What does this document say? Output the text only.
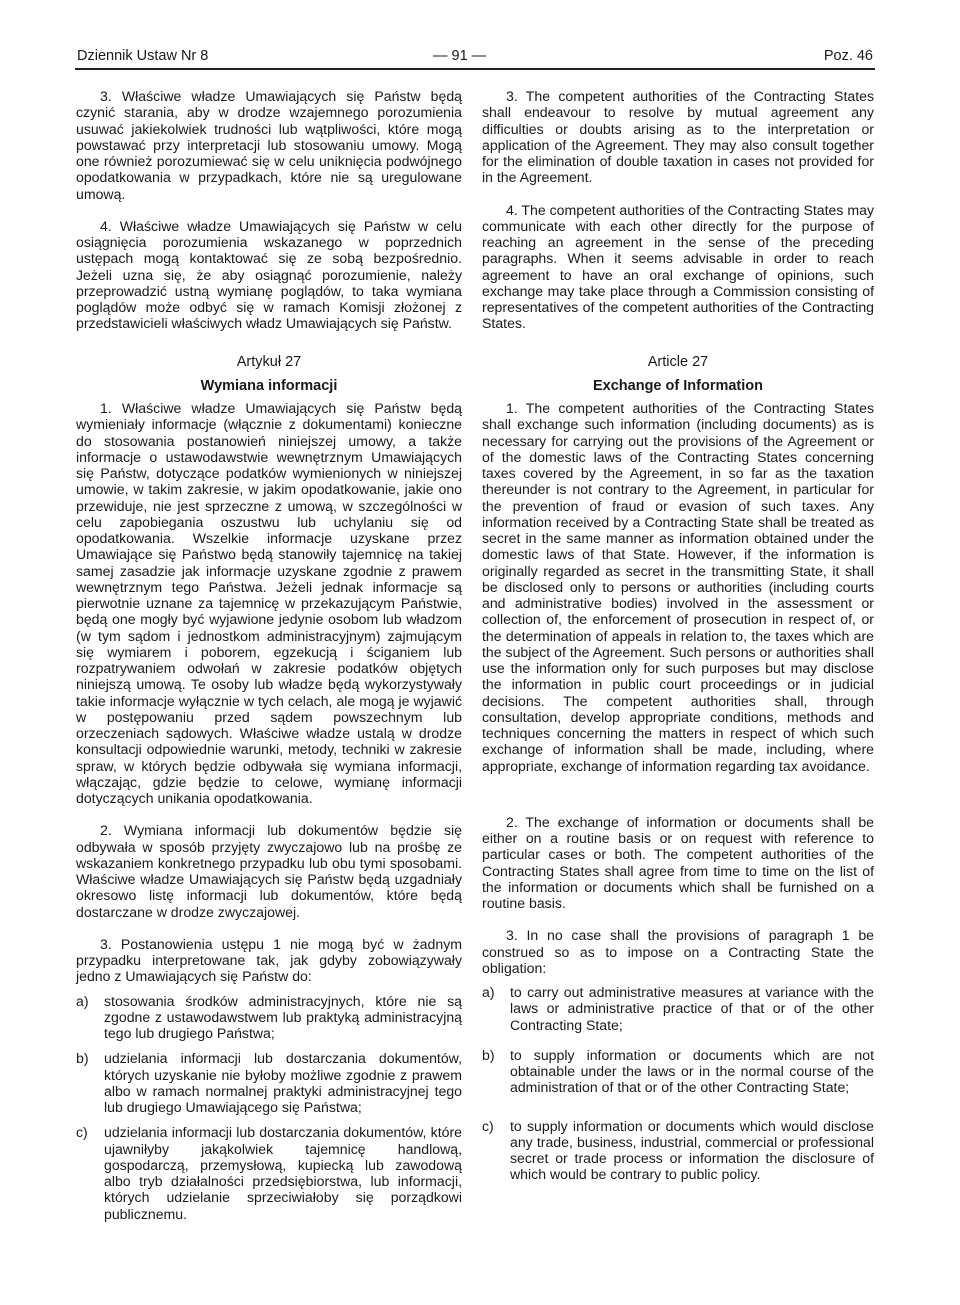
Dziennik Ustaw Nr 8	— 91 —	Poz. 46

3. Właściwe władze Umawiających się Państw będą czynić starania, aby w drodze wzajemnego porozumienia usuwać jakiekolwiek trudności lub wątpliwości, które mogą powstawać przy interpretacji lub stosowaniu umowy. Mogą one również porozumiewać się w celu uniknięcia podwójnego opodatkowania w przypadkach, które nie są uregulowane umową.

4. Właściwe władze Umawiających się Państw w celu osiągnięcia porozumienia wskazanego w poprzednich ustępach mogą kontaktować się ze sobą bezpośrednio. Jeżeli uzna się, że aby osiągnąć porozumienie, należy przeprowadzić ustną wymianę poglądów, to taka wymiana poglądów może odbyć się w ramach Komisji złożonej z przedstawicieli właściwych władz Umawiających się Państw.

Artykuł 27
Wymiana informacji

1. Właściwe władze Umawiających się Państw będą wymieniały informacje (włącznie z dokumentami) konieczne do stosowania postanowień niniejszej umowy, a także informacje o ustawodawstwie wewnętrznym Umawiających się Państw, dotyczące podatków wymienionych w niniejszej umowie, w takim zakresie, w jakim opodatkowanie, jakie ono przewiduje, nie jest sprzeczne z umową, w szczególności w celu zapobiegania oszustwu lub uchylaniu się od opodatkowania. Wszelkie informacje uzyskane przez Umawiające się Państwo będą stanowiły tajemnicę na takiej samej zasadzie jak informacje uzyskane zgodnie z prawem wewnętrznym tego Państwa. Jeżeli jednak informacje są pierwotnie uznane za tajemnicę w przekazującym Państwie, będą one mogły być wyjawione jedynie osobom lub władzom (w tym sądom i jednostkom administracyjnym) zajmującym się wymiarem i poborem, egzekucją i ściganiem lub rozpatrywaniem odwołań w zakresie podatków objętych niniejszą umową. Te osoby lub władze będą wykorzystywały takie informacje wyłącznie w tych celach, ale mogą je wyjawić w postępowaniu przed sądem powszechnym lub orzeczeniach sądowych. Właściwe władze ustalą w drodze konsultacji odpowiednie warunki, metody, techniki w zakresie spraw, w których będzie odbywała się wymiana informacji, włączając, gdzie będzie to celowe, wymianę informacji dotyczących unikania opodatkowania.

2. Wymiana informacji lub dokumentów będzie się odbywała w sposób przyjęty zwyczajowo lub na prośbę ze wskazaniem konkretnego przypadku lub obu tymi sposobami. Właściwe władze Umawiających się Państw będą uzgadniały okresowo listę informacji lub dokumentów, które będą dostarczane w drodze zwyczajowej.

3. Postanowienia ustępu 1 nie mogą być w żadnym przypadku interpretowane tak, jak gdyby zobowiązywały jedno z Umawiających się Państw do:

a) stosowania środków administracyjnych, które nie są zgodne z ustawodawstwem lub praktyką administracyjną tego lub drugiego Państwa;
b) udzielania informacji lub dostarczania dokumentów, których uzyskanie nie byłoby możliwe zgodnie z prawem albo w ramach normalnej praktyki administracyjnej tego lub drugiego Umawiającego się Państwa;
c) udzielania informacji lub dostarczania dokumentów, które ujawniłyby jakąkolwiek tajemnicę handlową, gospodarczą, przemysłową, kupiecką lub zawodową albo tryb działalności przedsiębiorstwa, lub informacji, których udzielanie sprzeciwiałoby się porządkowi publicznemu.

3. The competent authorities of the Contracting States shall endeavour to resolve by mutual agreement any difficulties or doubts arising as to the interpretation or application of the Agreement. They may also consult together for the elimination of double taxation in cases not provided for in the Agreement.

4. The competent authorities of the Contracting States may communicate with each other directly for the purpose of reaching an agreement in the sense of the preceding paragraphs. When it seems advisable in order to reach agreement to have an oral exchange of opinions, such exchange may take place through a Commission consisting of representatives of the competent authorities of the Contracting States.

Article 27
Exchange of Information

1. The competent authorities of the Contracting States shall exchange such information (including documents) as is necessary for carrying out the provisions of the Agreement or of the domestic laws of the Contracting States concerning taxes covered by the Agreement, in so far as the taxation thereunder is not contrary to the Agreement, in particular for the prevention of fraud or evasion of such taxes. Any information received by a Contracting State shall be treated as secret in the same manner as information obtained under the domestic laws of that State. However, if the information is originally regarded as secret in the transmitting State, it shall be disclosed only to persons or authorities (including courts and administrative bodies) involved in the assessment or collection of, the enforcement of prosecution in respect of, or the determination of appeals in relation to, the taxes which are the subject of the Agreement. Such persons or authorities shall use the information only for such purposes but may disclose the information in public court proceedings or in judicial decisions. The competent authorities shall, through consultation, develop appropriate conditions, methods and techniques concerning the matters in respect of which such exchange of information shall be made, including, where appropriate, exchange of information regarding tax avoidance.

2. The exchange of information or documents shall be either on a routine basis or on request with reference to particular cases or both. The competent authorities of the Contracting States shall agree from time to time on the list of the information or documents which shall be furnished on a routine basis.

3. In no case shall the provisions of paragraph 1 be construed so as to impose on a Contracting State the obligation:

a) to carry out administrative measures at variance with the laws or administrative practice of that or of the other Contracting State;
b) to supply information or documents which are not obtainable under the laws or in the normal course of the administration of that or of the other Contracting State;
c) to supply information or documents which would disclose any trade, business, industrial, commercial or professional secret or trade process or information the disclosure of which would be contrary to public policy.
